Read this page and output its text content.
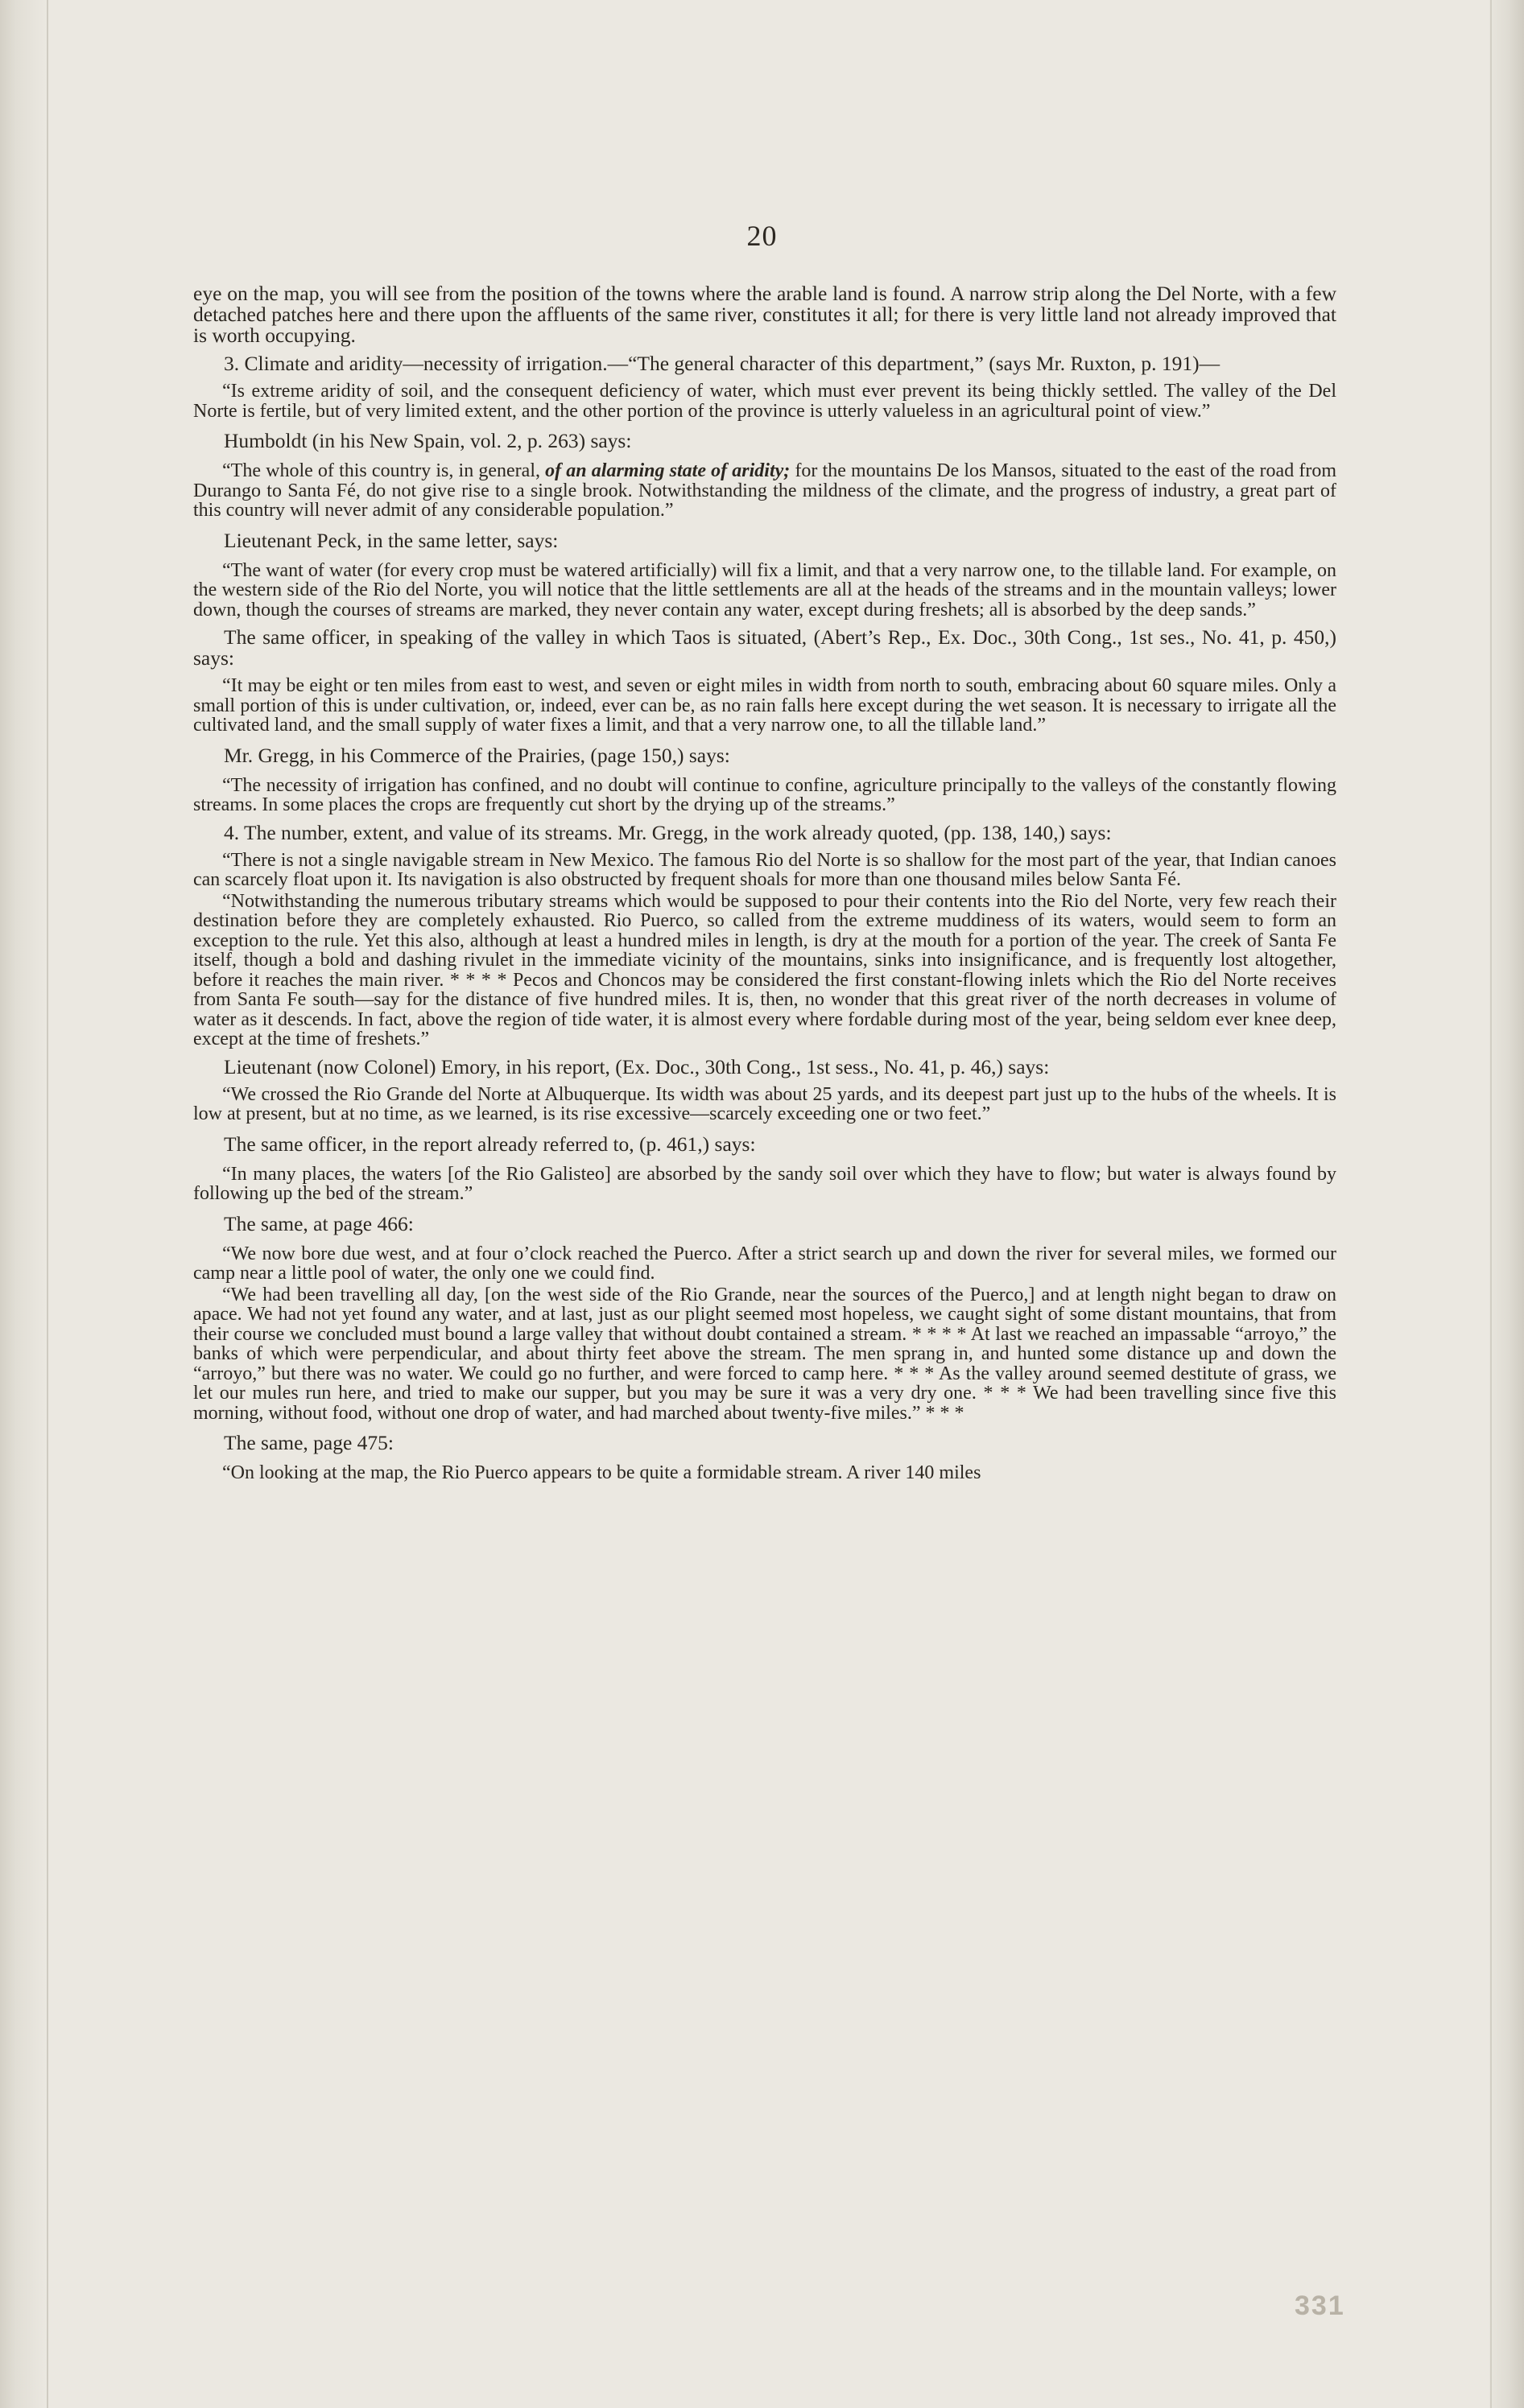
20

eye on the map, you will see from the position of the towns where the arable land is found. A narrow strip along the Del Norte, with a few detached patches here and there upon the affluents of the same river, constitutes it all; for there is very little land not already improved that is worth occupying.

3. Climate and aridity—necessity of irrigation.—“The general character of this department,” (says Mr. Ruxton, p. 191)—

“Is extreme aridity of soil, and the consequent deficiency of water, which must ever prevent its being thickly settled. The valley of the Del Norte is fertile, but of very limited extent, and the other portion of the province is utterly valueless in an agricultural point of view.”

Humboldt (in his New Spain, vol. 2, p. 263) says:

“The whole of this country is, in general, of an alarming state of aridity; for the mountains De los Mansos, situated to the east of the road from Durango to Santa Fé, do not give rise to a single brook. Notwithstanding the mildness of the climate, and the progress of industry, a great part of this country will never admit of any considerable population.”

Lieutenant Peck, in the same letter, says:

“The want of water (for every crop must be watered artificially) will fix a limit, and that a very narrow one, to the tillable land. For example, on the western side of the Rio del Norte, you will notice that the little settlements are all at the heads of the streams and in the mountain valleys; lower down, though the courses of streams are marked, they never contain any water, except during freshets; all is absorbed by the deep sands.”

The same officer, in speaking of the valley in which Taos is situated, (Abert’s Rep., Ex. Doc., 30th Cong., 1st ses., No. 41, p. 450,) says:

“It may be eight or ten miles from east to west, and seven or eight miles in width from north to south, embracing about 60 square miles. Only a small portion of this is under cultivation, or, indeed, ever can be, as no rain falls here except during the wet season. It is necessary to irrigate all the cultivated land, and the small supply of water fixes a limit, and that a very narrow one, to all the tillable land.”

Mr. Gregg, in his Commerce of the Prairies, (page 150,) says:

“The necessity of irrigation has confined, and no doubt will continue to confine, agriculture principally to the valleys of the constantly flowing streams. In some places the crops are frequently cut short by the drying up of the streams.”

4. The number, extent, and value of its streams. Mr. Gregg, in the work already quoted, (pp. 138, 140,) says:

“There is not a single navigable stream in New Mexico. The famous Rio del Norte is so shallow for the most part of the year, that Indian canoes can scarcely float upon it. Its navigation is also obstructed by frequent shoals for more than one thousand miles below Santa Fé.

“Notwithstanding the numerous tributary streams which would be supposed to pour their contents into the Rio del Norte, very few reach their destination before they are completely exhausted. Rio Puerco, so called from the extreme muddiness of its waters, would seem to form an exception to the rule. Yet this also, although at least a hundred miles in length, is dry at the mouth for a portion of the year. The creek of Santa Fe itself, though a bold and dashing rivulet in the immediate vicinity of the mountains, sinks into insignificance, and is frequently lost altogether, before it reaches the main river. * * * * Pecos and Choncos may be considered the first constant-flowing inlets which the Rio del Norte receives from Santa Fe south—say for the distance of five hundred miles. It is, then, no wonder that this great river of the north decreases in volume of water as it descends. In fact, above the region of tide water, it is almost every where fordable during most of the year, being seldom ever knee deep, except at the time of freshets.”

Lieutenant (now Colonel) Emory, in his report, (Ex. Doc., 30th Cong., 1st sess., No. 41, p. 46,) says:

“We crossed the Rio Grande del Norte at Albuquerque. Its width was about 25 yards, and its deepest part just up to the hubs of the wheels. It is low at present, but at no time, as we learned, is its rise excessive—scarcely exceeding one or two feet.”

The same officer, in the report already referred to, (p. 461,) says:

“In many places, the waters [of the Rio Galisteo] are absorbed by the sandy soil over which they have to flow; but water is always found by following up the bed of the stream.”

The same, at page 466:

“We now bore due west, and at four o’clock reached the Puerco. After a strict search up and down the river for several miles, we formed our camp near a little pool of water, the only one we could find.

“We had been travelling all day, [on the west side of the Rio Grande, near the sources of the Puerco,] and at length night began to draw on apace. We had not yet found any water, and at last, just as our plight seemed most hopeless, we caught sight of some distant mountains, that from their course we concluded must bound a large valley that without doubt contained a stream. * * * * At last we reached an impassable “arroyo,” the banks of which were perpendicular, and about thirty feet above the stream. The men sprang in, and hunted some distance up and down the “arroyo,” but there was no water. We could go no further, and were forced to camp here. * * * As the valley around seemed destitute of grass, we let our mules run here, and tried to make our supper, but you may be sure it was a very dry one. * * * We had been travelling since five this morning, without food, without one drop of water, and had marched about twenty-five miles.” * * *

The same, page 475:

“On looking at the map, the Rio Puerco appears to be quite a formidable stream. A river 140 miles

331
